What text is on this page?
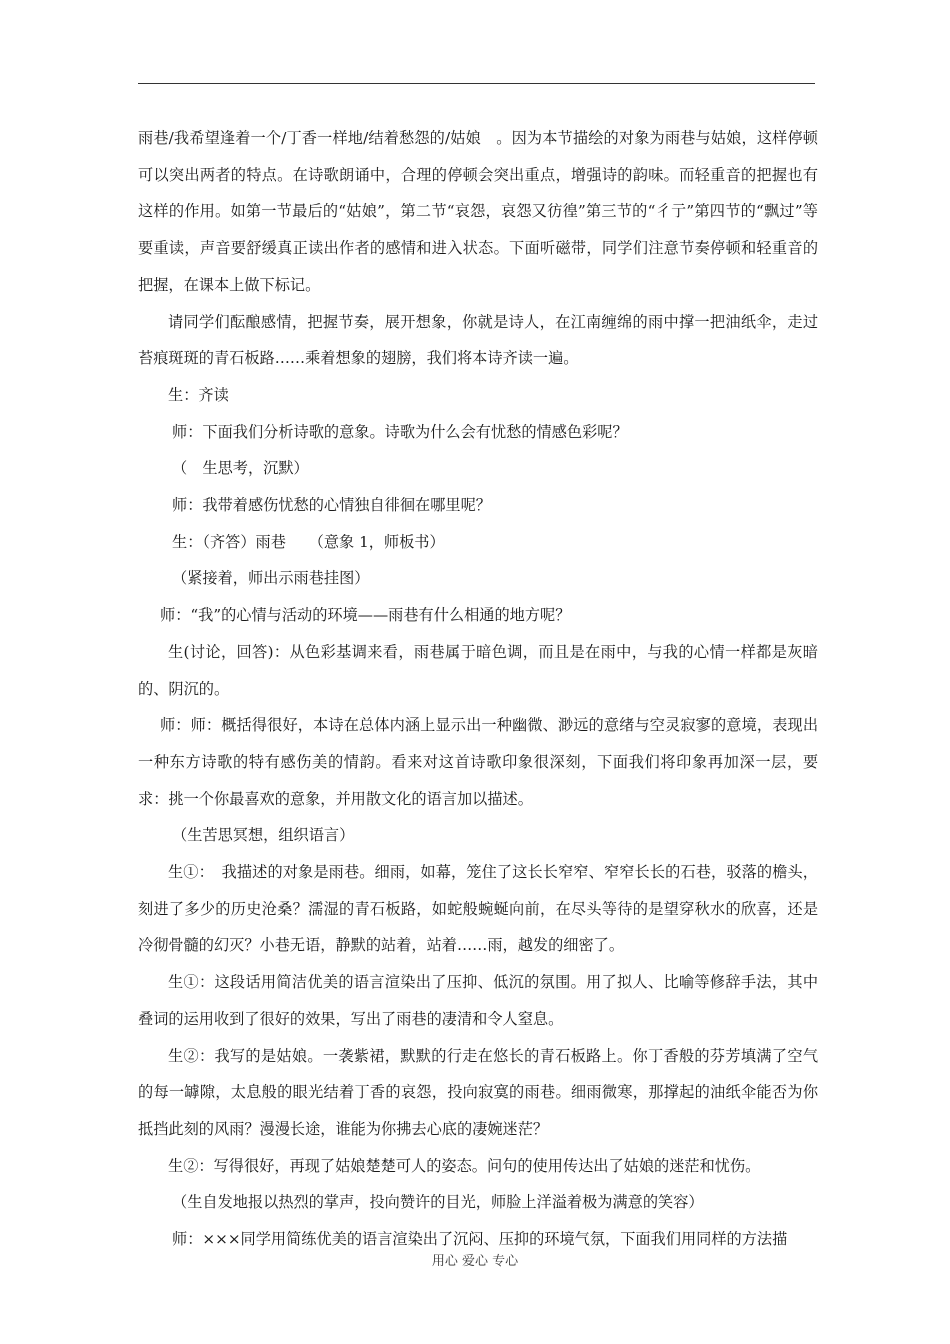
雨巷/我希望逢着一个/丁香一样地/结着愁怨的/姑娘　。因为本节描绘的对象为雨巷与姑娘，这样停顿可以突出两者的特点。在诗歌朗诵中，合理的停顿会突出重点，增强诗的韵味。而轻重音的把握也有这样的作用。如第一节最后的“姑娘”，第二节“哀怨，哀怨又彷徨”第三节的“彳亍”第四节的“飘过”等要重读，声音要舒缓真正读出作者的感情和进入状态。下面听磁带，同学们注意节奏停顿和轻重音的把握，在课本上做下标记。

请同学们酝酿感情，把握节奏，展开想象，你就是诗人，在江南缠绵的雨中撑一把油纸伞，走过苔痕斑斑的青石板路……乘着想象的翅膀，我们将本诗齐读一遍。

生：齐读

师：下面我们分析诗歌的意象。诗歌为什么会有忧愁的情感色彩呢？

（　生思考，沉默）

师：我带着感伤忧愁的心情独自徘徊在哪里呢？

生：（齐答）雨巷　　（意象 1，师板书）

（紧接着，师出示雨巷挂图）

师：“我”的心情与活动的环境——雨巷有什么相通的地方呢？

生(讨论，回答)：从色彩基调来看，雨巷属于暗色调，而且是在雨中，与我的心情一样都是灰暗的、阴沉的。

师：师：概括得很好，本诗在总体内涵上显示出一种幽微、渺远的意绪与空灵寂寥的意境，表现出一种东方诗歌的特有感伤美的情韵。看来对这首诗歌印象很深刻，下面我们将印象再加深一层，要求：挑一个你最喜欢的意象，并用散文化的语言加以描述。

（生苦思冥想，组织语言）

生①：　我描述的对象是雨巷。细雨，如幕，笼住了这长长窄窄、窄窄长长的石巷，驳落的檐头，刻进了多少的历史沧桑？濡湿的青石板路，如蛇般蜿蜒向前，在尽头等待的是望穿秋水的欣喜，还是冷彻骨髓的幻灭？小巷无语，静默的站着，站着……雨，越发的细密了。

生①：这段话用简洁优美的语言渲染出了压抑、低沉的氛围。用了拟人、比喻等修辞手法，其中叠词的运用收到了很好的效果，写出了雨巷的凄清和令人窒息。

生②：我写的是姑娘。一袭紫裙，默默的行走在悠长的青石板路上。你丁香般的芬芳填满了空气的每一罅隙，太息般的眼光结着丁香的哀怨，投向寂寞的雨巷。细雨微寒，那撑起的油纸伞能否为你抵挡此刻的风雨？漫漫长途，谁能为你拂去心底的凄婉迷茫？

生②：写得很好，再现了姑娘楚楚可人的姿态。问句的使用传达出了姑娘的迷茫和忧伤。

（生自发地报以热烈的掌声，投向赞许的目光，师脸上洋溢着极为满意的笑容）

师：×××同学用简练优美的语言渲染出了沉闷、压抑的环境气氛，下面我们用同样的方法描

用心 爱心 专心
